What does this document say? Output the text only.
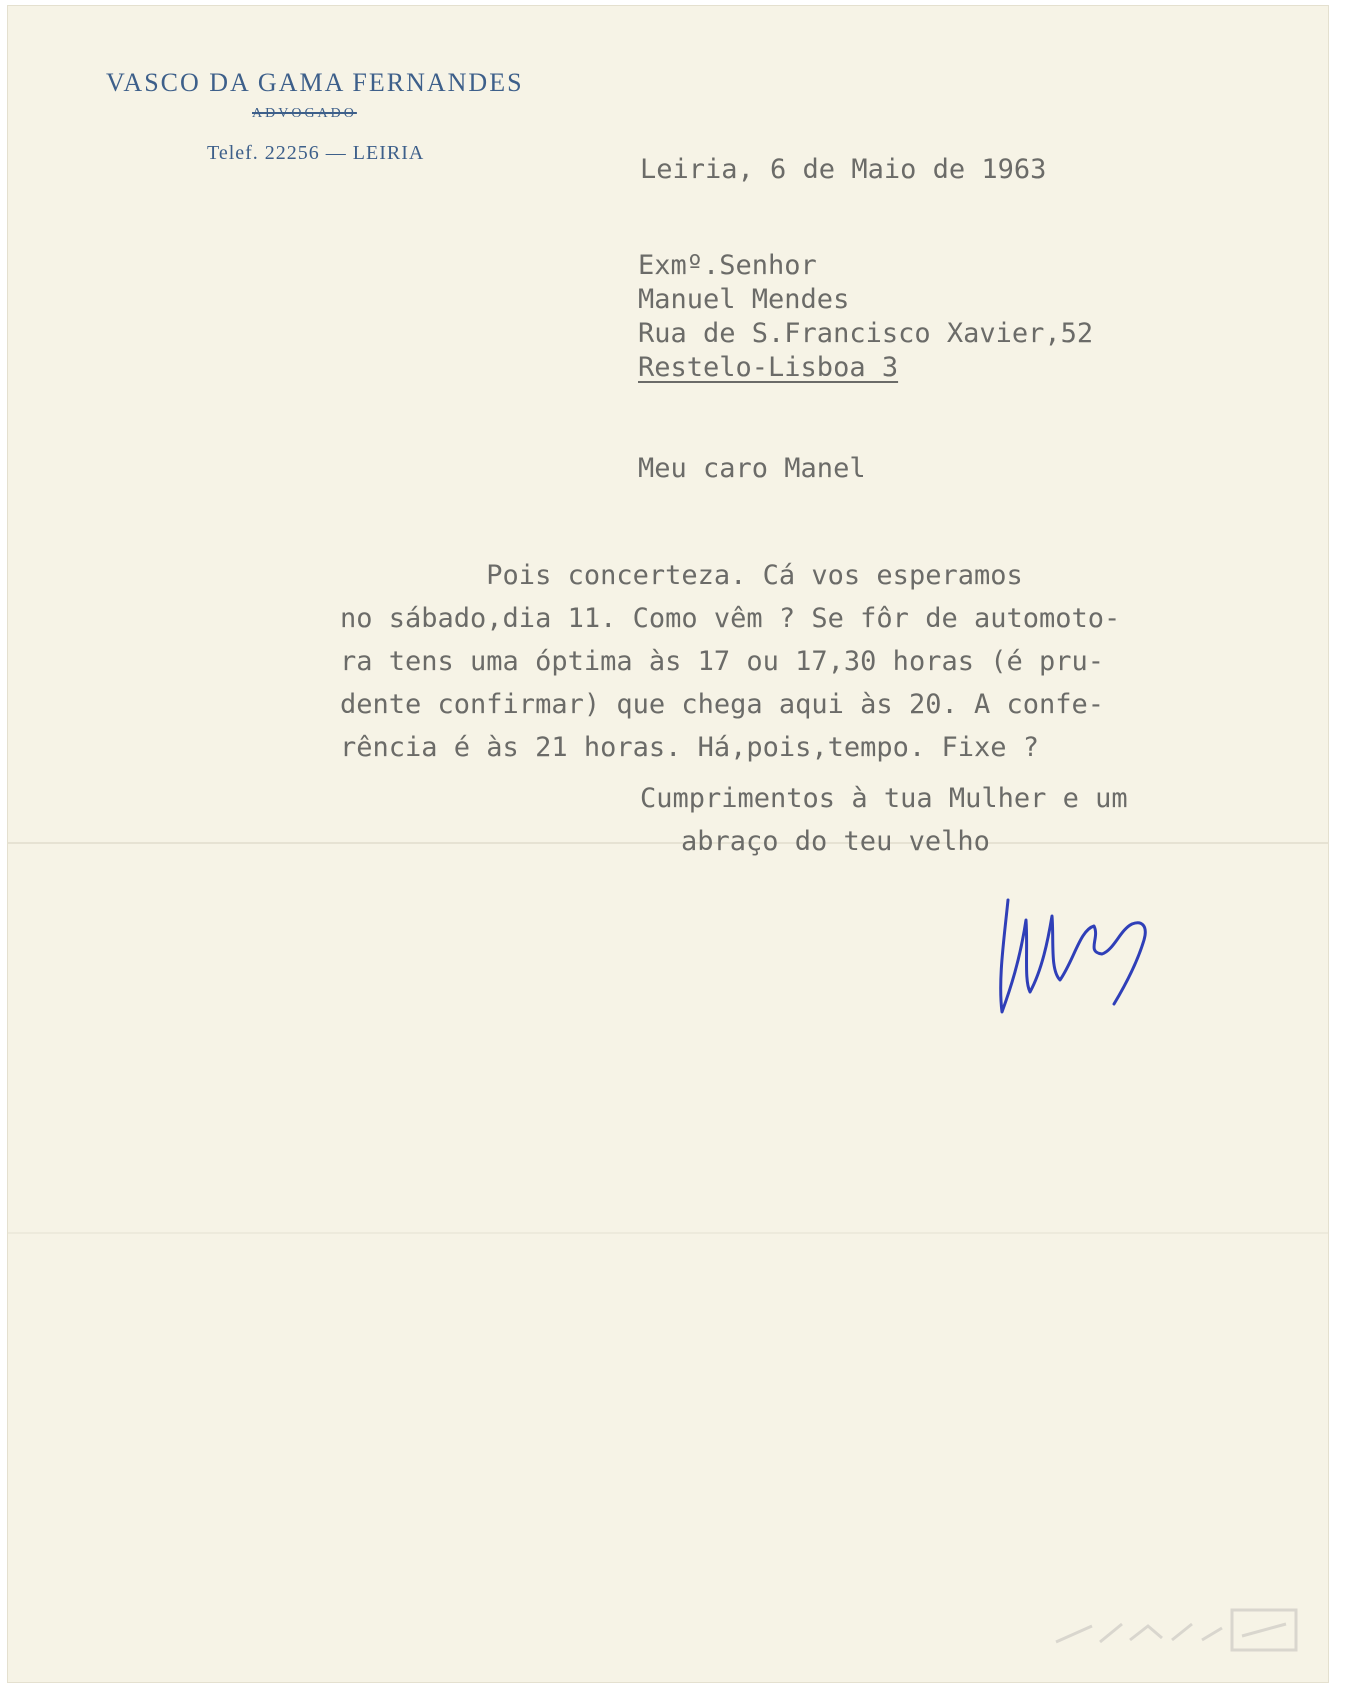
VASCO DA GAMA FERNANDES
ADVOGADO
Telef. 22256 — LEIRIA
Leiria, 6 de Maio de 1963
Exmº.Senhor
Manuel Mendes
Rua de S.Francisco Xavier,52
Restelo-Lisboa 3
Meu caro Manel
Pois concerteza. Cá vos esperamos
no sábado,dia 11. Como vêm ? Se fôr de automoto-
ra tens uma óptima às 17 ou 17,30 horas (é pru-
dente confirmar) que chega aqui às 20. A confe-
rência é às 21 horas. Há,pois,tempo. Fixe ?
Cumprimentos à tua Mulher e um
abraço do teu velho
